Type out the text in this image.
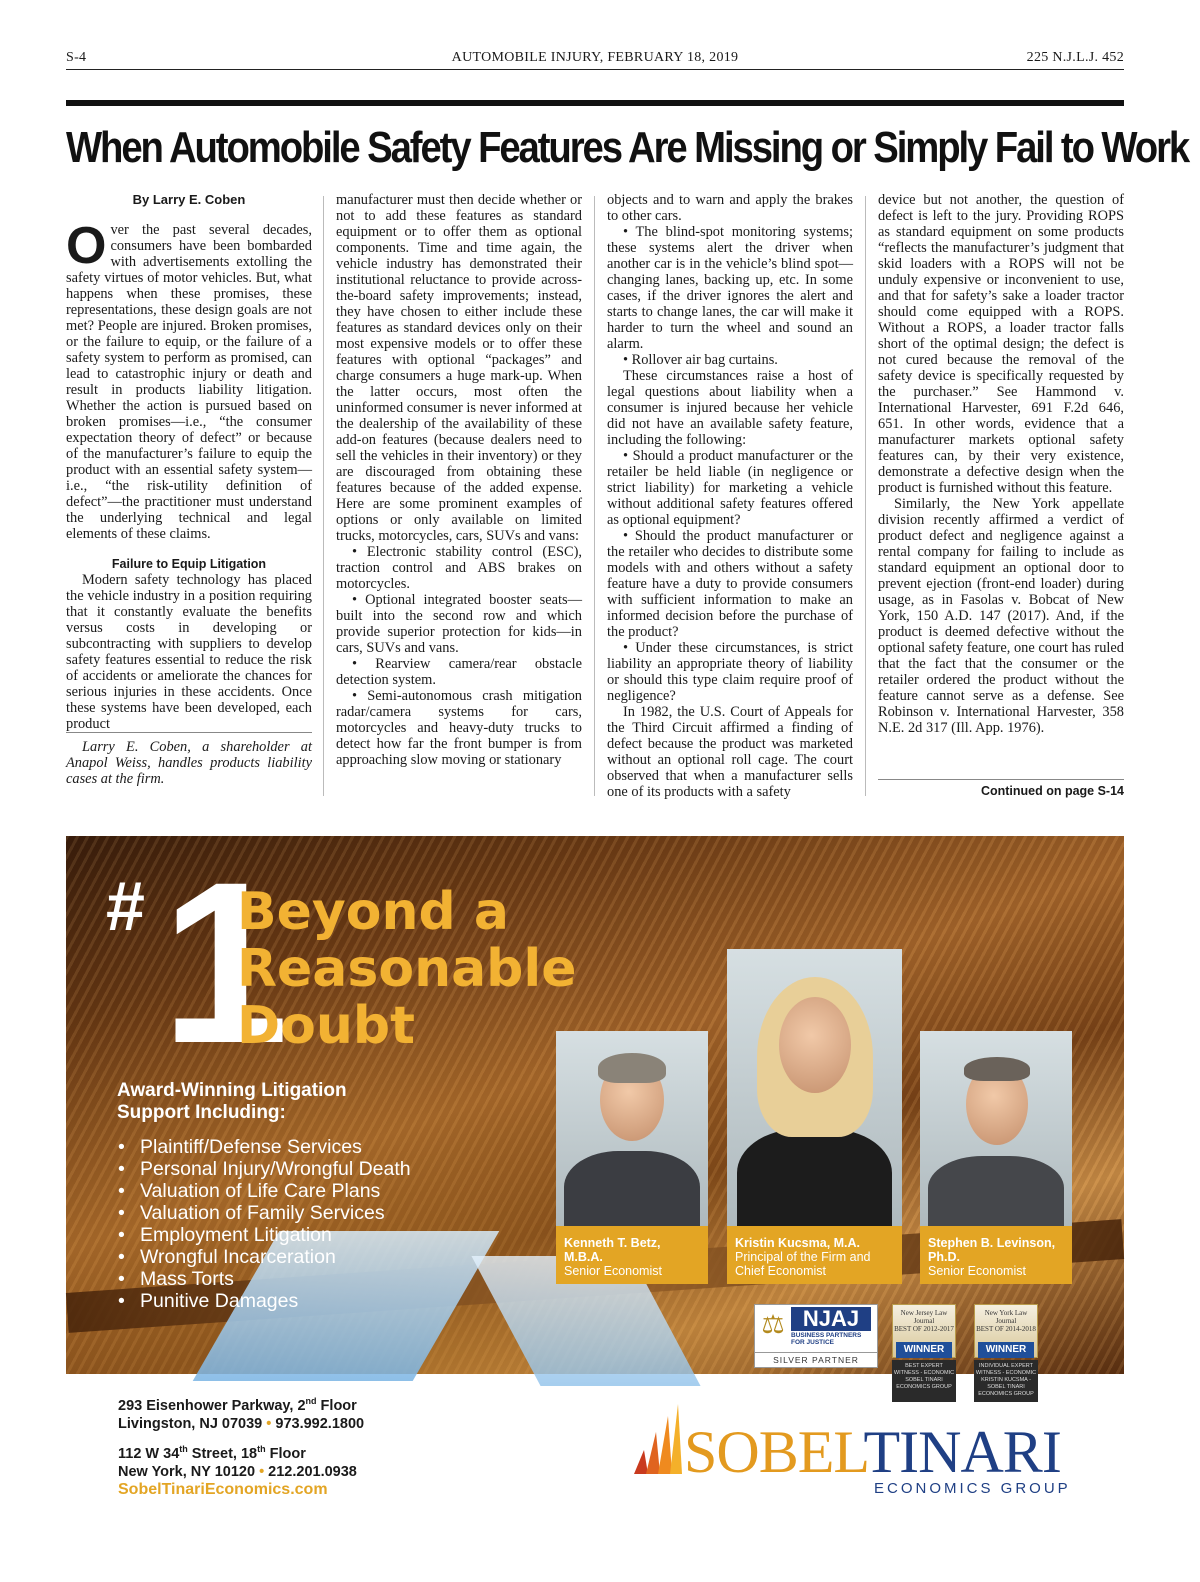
S-4	AUTOMOBILE INJURY, FEBRUARY 18, 2019	225 N.J.L.J. 452
When Automobile Safety Features Are Missing or Simply Fail to Work
By Larry E. Coben
O ver the past several decades, consumers have been bombarded with advertisements extolling the safety virtues of motor vehicles. But, what happens when these promises, these representations, these design goals are not met? People are injured. Broken promises, or the failure to equip, or the failure of a safety system to perform as promised, can lead to catastrophic injury or death and result in products liability litigation. Whether the action is pursued based on broken promises—i.e., “the consumer expectation theory of defect” or because of the manufacturer’s failure to equip the product with an essential safety system—i.e., “the risk-utility definition of defect”—the practitioner must understand the underlying technical and legal elements of these claims.

Failure to Equip Litigation

Modern safety technology has placed the vehicle industry in a position requiring that it constantly evaluate the benefits versus costs in developing or subcontracting with suppliers to develop safety features essential to reduce the risk of accidents or ameliorate the chances for serious injuries in these accidents. Once these systems have been developed, each product

Larry E. Coben, a shareholder at Anapol Weiss, handles products liability cases at the firm.

manufacturer must then decide whether or not to add these features as standard equipment or to offer them as optional components. Time and time again, the vehicle industry has demonstrated their institutional reluctance to provide across-the-board safety improvements; instead, they have chosen to either include these features as standard devices only on their most expensive models or to offer these features with optional “packages” and charge consumers a huge mark-up. When the latter occurs, most often the uninformed consumer is never informed at the dealership of the availability of these add-on features (because dealers need to sell the vehicles in their inventory) or they are discouraged from obtaining these features because of the added expense. Here are some prominent examples of options or only available on limited trucks, motorcycles, cars, SUVs and vans:

• Electronic stability control (ESC), traction control and ABS brakes on motorcycles.

• Optional integrated booster seats—built into the second row and which provide superior protection for kids—in cars, SUVs and vans.

• Rearview camera/rear obstacle detection system.

• Semi-autonomous crash mitigation radar/camera systems for cars, motorcycles and heavy-duty trucks to detect how far the front bumper is from approaching slow moving or stationary

objects and to warn and apply the brakes to other cars.

• The blind-spot monitoring systems; these systems alert the driver when another car is in the vehicle’s blind spot—changing lanes, backing up, etc. In some cases, if the driver ignores the alert and starts to change lanes, the car will make it harder to turn the wheel and sound an alarm.

• Rollover air bag curtains.

These circumstances raise a host of legal questions about liability when a consumer is injured because her vehicle did not have an available safety feature, including the following:

• Should a product manufacturer or the retailer be held liable (in negligence or strict liability) for marketing a vehicle without additional safety features offered as optional equipment?

• Should the product manufacturer or the retailer who decides to distribute some models with and others without a safety feature have a duty to provide consumers with sufficient information to make an informed decision before the purchase of the product?

• Under these circumstances, is strict liability an appropriate theory of liability or should this type claim require proof of negligence?

In 1982, the U.S. Court of Appeals for the Third Circuit affirmed a finding of defect because the product was marketed without an optional roll cage. The court observed that when a manufacturer sells one of its products with a safety

device but not another, the question of defect is left to the jury. Providing ROPS as standard equipment on some products “reflects the manufacturer’s judgment that skid loaders with a ROPS will not be unduly expensive or inconvenient to use, and that for safety’s sake a loader tractor should come equipped with a ROPS. Without a ROPS, a loader tractor falls short of the optimal design; the defect is not cured because the removal of the safety device is specifically requested by the purchaser.” See Hammond v. International Harvester, 691 F.2d 646, 651. In other words, evidence that a manufacturer markets optional safety features can, by their very existence, demonstrate a defective design when the product is furnished without this feature.

Similarly, the New York appellate division recently affirmed a verdict of product defect and negligence against a rental company for failing to include as standard equipment an optional door to prevent ejection (front-end loader) during usage, as in Fasolas v. Bobcat of New York, 150 A.D. 147 (2017). And, if the product is deemed defective without the optional safety feature, one court has ruled that the fact that the consumer or the retailer ordered the product without the feature cannot serve as a defense. See Robinson v. International Harvester, 358 N.E. 2d 317 (Ill. App. 1976).

Continued on page S-14
# 1
Beyond a
Reasonable
Doubt
Award-Winning Litigation Support Including:
• Plaintiff/Defense Services
• Personal Injury/Wrongful Death
• Valuation of Life Care Plans
• Valuation of Family Services
• Employment Litigation
• Wrongful Incarceration
• Mass Torts
• Punitive Damages
Kenneth T. Betz, M.B.A.
Senior Economist
Kristin Kucsma, M.A.
Principal of the Firm and Chief Economist
Stephen B. Levinson, Ph.D.
Senior Economist
⚖ NJAJ
BUSINESS PARTNERS FOR JUSTICE
SILVER PARTNER
New Jersey Law Journal
BEST OF 2012-2017
WINNER
BEST EXPERT WITNESS - ECONOMIC SOBEL TINARI ECONOMICS GROUP
New York Law Journal
BEST OF 2014-2018
WINNER
INDIVIDUAL EXPERT WITNESS - ECONOMIC KRISTIN KUCSMA - SOBEL TINARI ECONOMICS GROUP
293 Eisenhower Parkway, 2nd Floor
Livingston, NJ 07039 • 973.992.1800
112 W 34th Street, 18th Floor
New York, NY 10120 • 212.201.0938
SobelTinariEconomics.com
SOBELTINARI
ECONOMICS GROUP
